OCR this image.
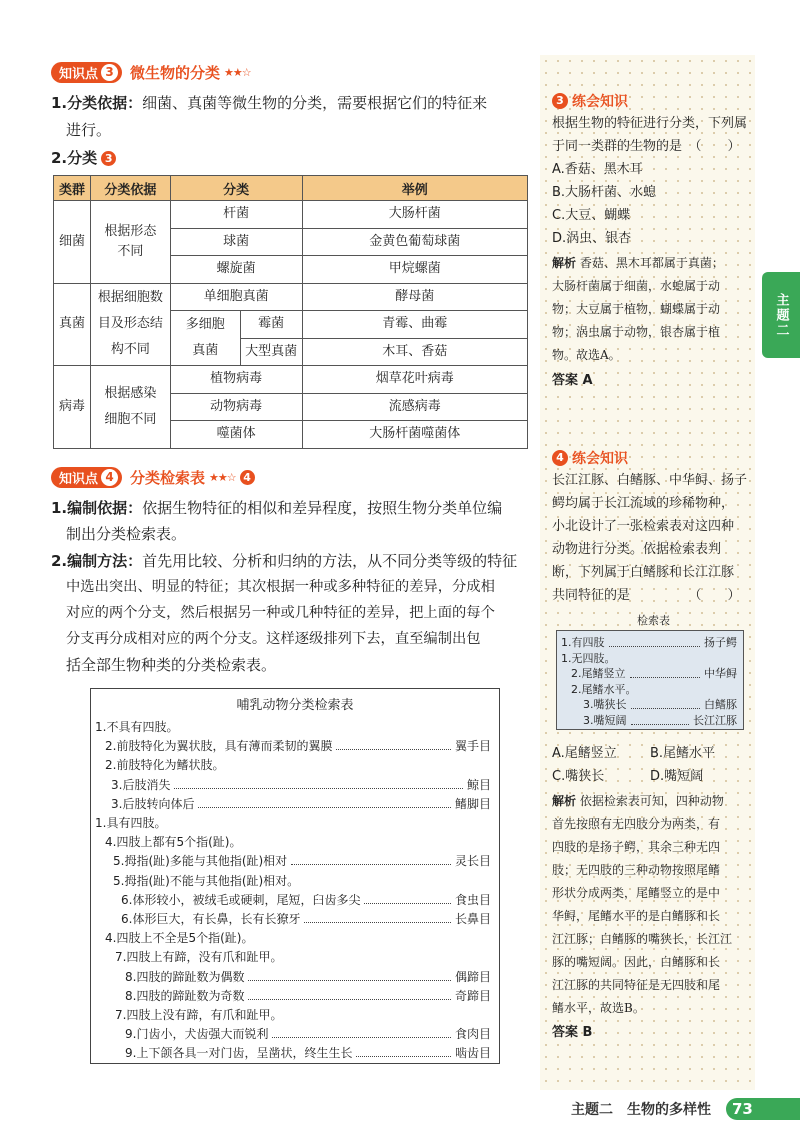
知识点 3 微生物的分类 ★★☆
1.分类依据：细菌、真菌等微生物的分类，需要根据它们的特征来
进行。
2.分类 3
类群	分类依据	分类		举例
细菌	根据形态不同	杆菌		大肠杆菌
		球菌		金黄色葡萄球菌
		螺旋菌		甲烷螺菌
真菌	根据细胞数目及形态结构不同	单细胞真菌		酵母菌
		多细胞真菌	霉菌	青霉、曲霉
			大型真菌	木耳、香菇
病毒	根据感染细胞不同	植物病毒		烟草花叶病毒
		动物病毒		流感病毒
		噬菌体		大肠杆菌噬菌体
知识点 4 分类检索表 ★★☆ 4
1.编制依据：依据生物特征的相似和差异程度，按照生物分类单位编
制出分类检索表。
2.编制方法：首先用比较、分析和归纳的方法，从不同分类等级的特征
中选出突出、明显的特征；其次根据一种或多种特征的差异，分成相
对应的两个分支，然后根据另一种或几种特征的差异，把上面的每个
分支再分成相对应的两个分支。这样逐级排列下去，直至编制出包
括全部生物种类的分类检索表。
哺乳动物分类检索表
1.不具有四肢。
2.前肢特化为翼状肢，具有薄而柔韧的翼膜	翼手目
2.前肢特化为鳍状肢。
3.后肢消失	鲸目
3.后肢转向体后	鳍脚目
1.具有四肢。
4.四肢上都有5个指(趾)。
5.拇指(趾)多能与其他指(趾)相对	灵长目
5.拇指(趾)不能与其他指(趾)相对。
6.体形较小，被绒毛或硬刺，尾短，臼齿多尖	食虫目
6.体形巨大，有长鼻，长有长獠牙	长鼻目
4.四肢上不全是5个指(趾)。
7.四肢上有蹄，没有爪和趾甲。
8.四肢的蹄趾数为偶数	偶蹄目
8.四肢的蹄趾数为奇数	奇蹄目
7.四肢上没有蹄，有爪和趾甲。
9.门齿小，犬齿强大而锐利	食肉目
9.上下颌各具一对门齿，呈凿状，终生生长	啮齿目
3 练会知识
根据生物的特征进行分类，下列属
于同一类群的生物的是　（　　）
A.香菇、黑木耳
B.大肠杆菌、水螅
C.大豆、蝴蝶
D.涡虫、银杏
解析 香菇、黑木耳都属于真菌；
大肠杆菌属于细菌，水螅属于动
物；大豆属于植物，蝴蝶属于动
物；涡虫属于动物，银杏属于植
物。故选A。
答案 A
4 练会知识
长江江豚、白鳍豚、中华鲟、扬子
鳄均属于长江流域的珍稀物种，
小北设计了一张检索表对这四种
动物进行分类。依据检索表判
断，下列属于白鳍豚和长江江豚
共同特征的是　　　　　（　　）
检索表
1.有四肢	扬子鳄
1.无四肢。
2.尾鳍竖立	中华鲟
2.尾鳍水平。
3.嘴狭长	白鳍豚
3.嘴短阔	长江江豚
A.尾鳍竖立	B.尾鳍水平
C.嘴狭长	D.嘴短阔
解析 依据检索表可知，四种动物
首先按照有无四肢分为两类，有
四肢的是扬子鳄，其余三种无四
肢；无四肢的三种动物按照尾鳍
形状分成两类，尾鳍竖立的是中
华鲟，尾鳍水平的是白鳍豚和长
江江豚；白鳍豚的嘴狭长，长江江
豚的嘴短阔。因此，白鳍豚和长
江江豚的共同特征是无四肢和尾
鳍水平，故选B。
答案 B
主题二
主题二　生物的多样性	73
